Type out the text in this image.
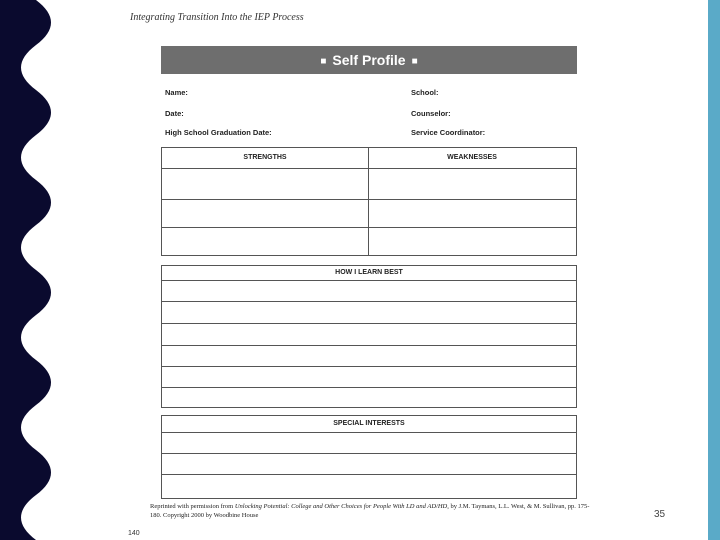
Integrating Transition Into the IEP Process
■ Self Profile ■
Name:
Date:
High School Graduation Date:
School:
Counselor:
Service Coordinator:
STRENGTHS	WEAKNESSES
HOW I LEARN BEST
SPECIAL INTERESTS
Reprinted with permission from Unlocking Potential: College and Other Choices for People With LD and AD/HD, by J.M. Taymans, L.L. West, & M. Sullivan, pp. 175-180. Copyright 2000 by Woodbine House
140
35
